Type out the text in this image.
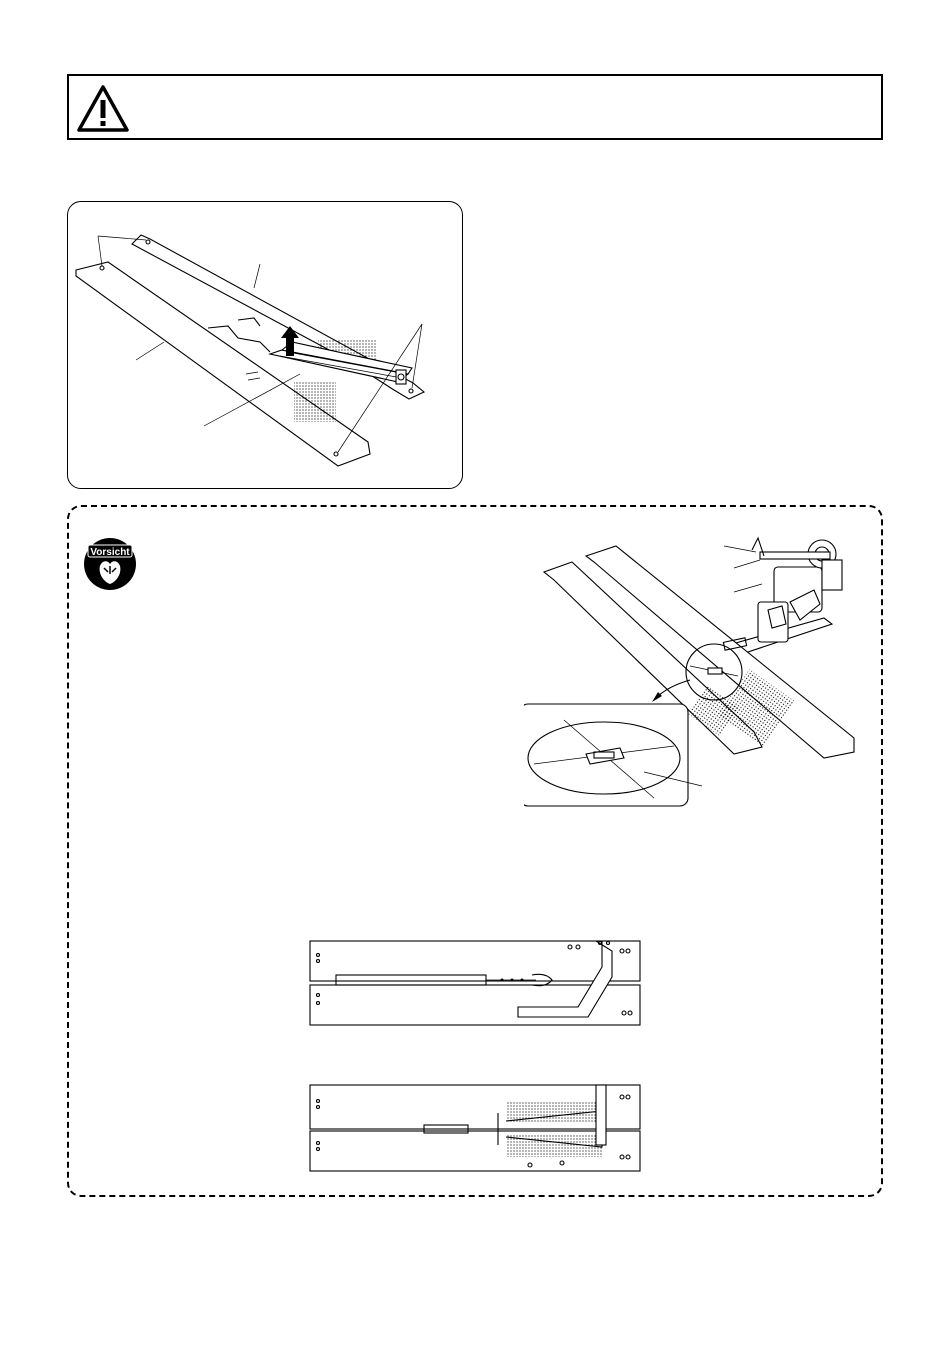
Vorsicht
